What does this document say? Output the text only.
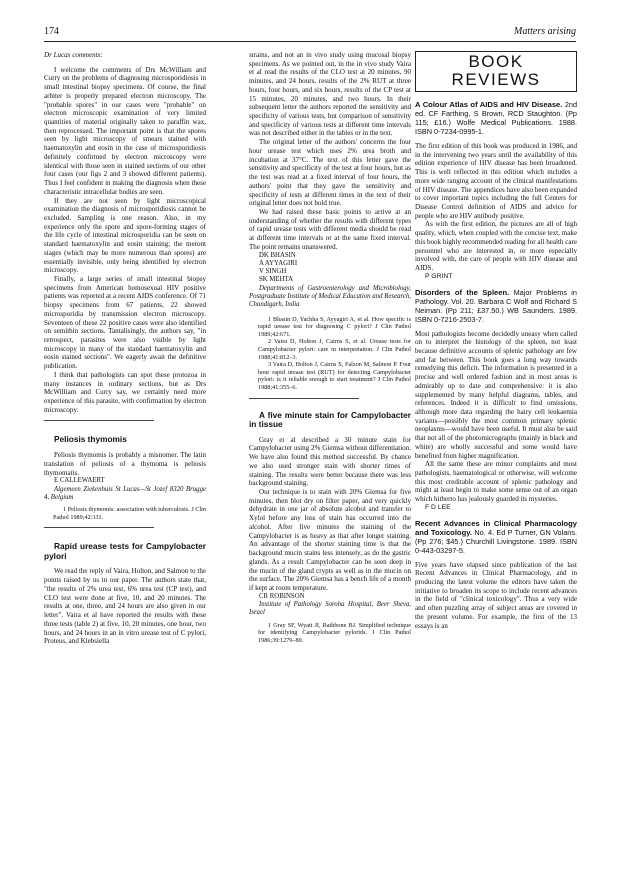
174	Matters arising

Dr Lucas comments:

I welcome the comments of Drs McWilliam and Curry on the problems of diagnosing microsporidiosis in small intestinal biopsy specimens. Of course, the final arbiter is properly prepared electron microscopy. The "probable spores" in our cases were "probable" on electron microscopic examination of very limited quantities of material originally taken to paraffin wax, then reprocessed. The important point is that the spores seen by light microscopy of smears stained with haematoxylin and eosin in the case of microsporidiosis definitely confirmed by electron microscopy were identical with those seen in stained sections of our other four cases (our figs 2 and 3 showed different patients). Thus I feel confident in making the diagnosis when these characteristic intracellular bodies are seen.

If they are not seen by light microscopical examination the diagnosis of microsporidiosis cannot be excluded. Sampling is one reason. Also, in my experience only the spore and spore-forming stages of the life cycle of intestinal microsporidia can be seen on standard haematoxylin and eosin staining; the meront stages (which may be more numerous than spores) are essentially invisible, only being identified by electron microscopy.

Finally, a large series of small intestinal biopsy specimens from American homosexual HIV positive patients was reported at a recent AIDS conference. Of 71 biopsy specimens from 67 patients, 22 showed microsporidia by transmission electron microscopy. Seventeen of these 22 positive cases were also identified on semithin sections. Tantalisingly, the authors say, "in retrospect, parasites were also visible by light microscopy in many of the standard haematoxylin and eosin stained sections". We eagerly await the definitive publication.

I think that pathologists can spot these protozoa in many instances in ordinary sections, but as Drs McWilliam and Curry say, we certainly need more experience of this parasite, with confirmation by electron microscopy.

Peliosis thymomis

Peliosis thymomis is probably a misnomer. The latin translation of peliosis of a thymoma is peliosis thymomatis.

E CALLEWAERT

Algemeen Ziekenhuis St Lucas—St Jozef 8320 Brugge 4, Belgium

1 Peliosis thymomis: association with tuberculosis. J Clin Pathol 1989;42:331.

Rapid urease tests for Campylobacter pylori

We read the reply of Vaira, Holton, and Salmon to the points raised by us in our paper. The authors state that, "the results of 2% urea test, 6% urea test (CP test), and CLO test were done at five, 10, and 20 minutes. The results at one, three, and 24 hours are also given in our letter". Vaira et al have reported the results with these three tests (table 2) at five, 10, 20 minutes, one hour, two hours, and 24 hours in an in vitro urease test of C pylori, Proteus, and Klebsiella

strains, and not an in vivo study using mucosal biopsy specimens. As we pointed out, in the in vivo study Vaira et al read the results of the CLO test at 20 minutes, 90 minutes, and 24 hours, results of the 2% RUT at three hours, four hours, and six hours, results of the CP test at 15 minutes, 20 minutes, and two hours. In their subsequent letter the authors reported the sensitivity and specificity of various tests, but comparison of sensitivity and specificity of various tests at different time intervals was not described either in the tables or in the text.

The original letter of the authors' concerns the four hour urease test which uses 2% urea broth and incubation at 37°C. The text of this letter gave the sensitivity and specificity of the test at four hours, but as the test was read at a fixed interval of four hours, the authors' point that they gave the sensitivity and specificity of tests at different times in the text of their original letter does not hold true.

We had raised these basic points to arrive at an understanding of whether the results with different types of rapid urease tests with different media should be read at different time intervals or at the same fixed interval. The point remains unanswered.

DK BHASIN

A AYYAGIRI

V SINGH

SK MEHTA

Departments of Gastroenterology and Microbiology, Postgraduate Institute of Medical Education and Research, Chandigarh, India

1 Bhasin D, Yachha S, Ayyagiri A, et al. How specific is rapid urease test for diagnosing C pylori? J Clin Pathol 1989;42:671.

2 Vaira D, Holton J, Cairns S, et al. Urease tests for Campylobacter pylori: care in interpretation. J Clin Pathol 1988;41:812–3.

3 Vaira D, Holton J, Cairns S, Falzon M, Salmon P. Four hour rapid urease test (RUT) for detecting Campylobacter pylori: is it reliable enough to start treatment? J Clin Pathol 1988;41:355–6.

A five minute stain for Campylobacter in tissue

Gray et al described a 30 minute stain for Campylobacter using 2% Giemsa without differentiation. We have also found this method successful. By chance we also used stronger stain with shorter times of staining. The results were better because there was less background staining.

Our technique is to stain with 20% Giemsa for five minutes, then blot dry on filter paper, and very quickly dehydrate in one jar of absolute alcohol and transfer to Xylol before any loss of stain has occurred into the alcohol. After five minutes the staining of the Campylobacter is as heavy as that after longer staining. An advantage of the shorter staining time is that the background mucin stains less intensely, as do the gastric glands. As a result Campylobacter can be seen deep in the mucin of the gland crypts as well as in the mucin on the surface. The 20% Giemsa has a bench life of a month if kept at room temperature.

CR ROBINSON

Institute of Pathology Soroha Hospital, Beer Sheva, Israel

1 Gray SF, Wyatt JI, Rathbone BJ. Simplified technique for identifying Campylobacter pylorids. J Clin Pathol 1986;39:1279–80.

BOOK
REVIEWS

A Colour Atlas of AIDS and HIV Disease. 2nd ed. CF Farthing, S Brown, RCD Staughton. (Pp 115; £16.) Wolfe Medical Publications. 1988. ISBN 0-7234-0995-1.

The first edition of this book was produced in 1986, and in the intervening two years until the availability of this edition experience of HIV disease has been broadened. This is well reflected in this edition which includes a more wide ranging account of the clinical manifestations of HIV disease. The appendices have also been expanded to cover important topics including the full Centers for Disease Control definition of AIDS and advice for people who are HIV antibody positive.

As with the first edition, the pictures are all of high quality, which, when coupled with the concise text, make this book highly recommended reading for all health care personnel who are interested in, or more especially involved with, the care of people with HIV disease and AIDS.

P GRINT

Disorders of the Spleen. Major Problems in Pathology. Vol. 20. Barbara C Wolf and Richard S Neiman. (Pp 211; £37.50.) WB Saunders. 1989. ISBN 0-7216-2503-7.

Most pathologists become decidedly uneasy when called on to interpret the histology of the spleen, not least because definitive accounts of splenic pathology are few and far between. This book goes a long way towards remedying this deficit. The information is presented in a precise and well ordered fashion and in most areas is admirably up to date and comprehensive: it is also supplemented by many helpful diagrams, tables, and references. Indeed it is difficult to find omissions, although more data regarding the hairy cell leukaemia variants—possibly the most common primary splenic neoplasms—would have been useful. It must also be said that not all of the photomicrographs (mainly in black and white) are wholly successful and some would have benefited from higher magnification.

All the same these are minor complaints and most pathologists, haematological or otherwise, will welcome this most creditable account of splenic pathology and might at least begin to make some sense out of an organ which hitherto has jealously guarded its mysteries.

F D LEE

Recent Advances in Clinical Pharmacology and Toxicology. No. 4. Ed P Turner, GN Volans. (Pp 276; $45.) Churchill Livingstone. 1989. ISBN 0-443-03297-5.

Five years have elapsed since publication of the last Recent Advances in Clinical Pharmacology, and in producing the latest volume the editors have taken the initiative to broaden its scope to include recent advances in the field of "clinical toxicology". Thus a very wide and often puzzling array of subject areas are covered in the present volume. For example, the first of the 13 essays is an
